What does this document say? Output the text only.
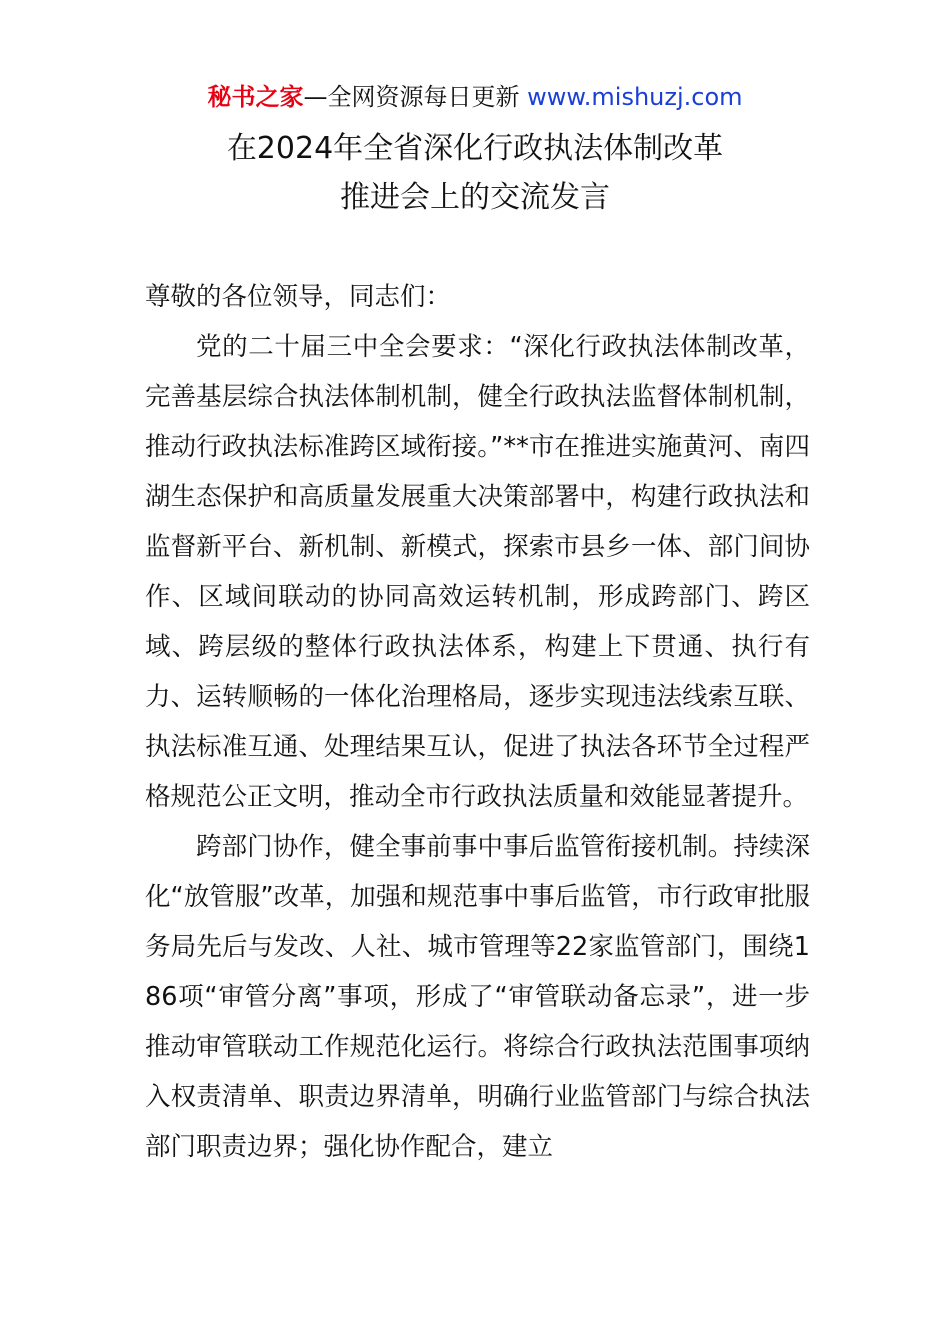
秘书之家—全网资源每日更新 www.mishuzj.com
在2024年全省深化行政执法体制改革
推进会上的交流发言

尊敬的各位领导，同志们：

党的二十届三中全会要求：“深化行政执法体制改革，完善基层综合执法体制机制，健全行政执法监督体制机制，推动行政执法标准跨区域衔接。”**市在推进实施黄河、南四湖生态保护和高质量发展重大决策部署中，构建行政执法和监督新平台、新机制、新模式，探索市县乡一体、部门间协作、区域间联动的协同高效运转机制，形成跨部门、跨区域、跨层级的整体行政执法体系，构建上下贯通、执行有力、运转顺畅的一体化治理格局，逐步实现违法线索互联、执法标准互通、处理结果互认，促进了执法各环节全过程严格规范公正文明，推动全市行政执法质量和效能显著提升。

跨部门协作，健全事前事中事后监管衔接机制。持续深化“放管服”改革，加强和规范事中事后监管，市行政审批服务局先后与发改、人社、城市管理等22家监管部门，围绕186项“审管分离”事项，形成了“审管联动备忘录”，进一步推动审管联动工作规范化运行。将综合行政执法范围事项纳入权责清单、职责边界清单，明确行业监管部门与综合执法部门职责边界；强化协作配合，建立
